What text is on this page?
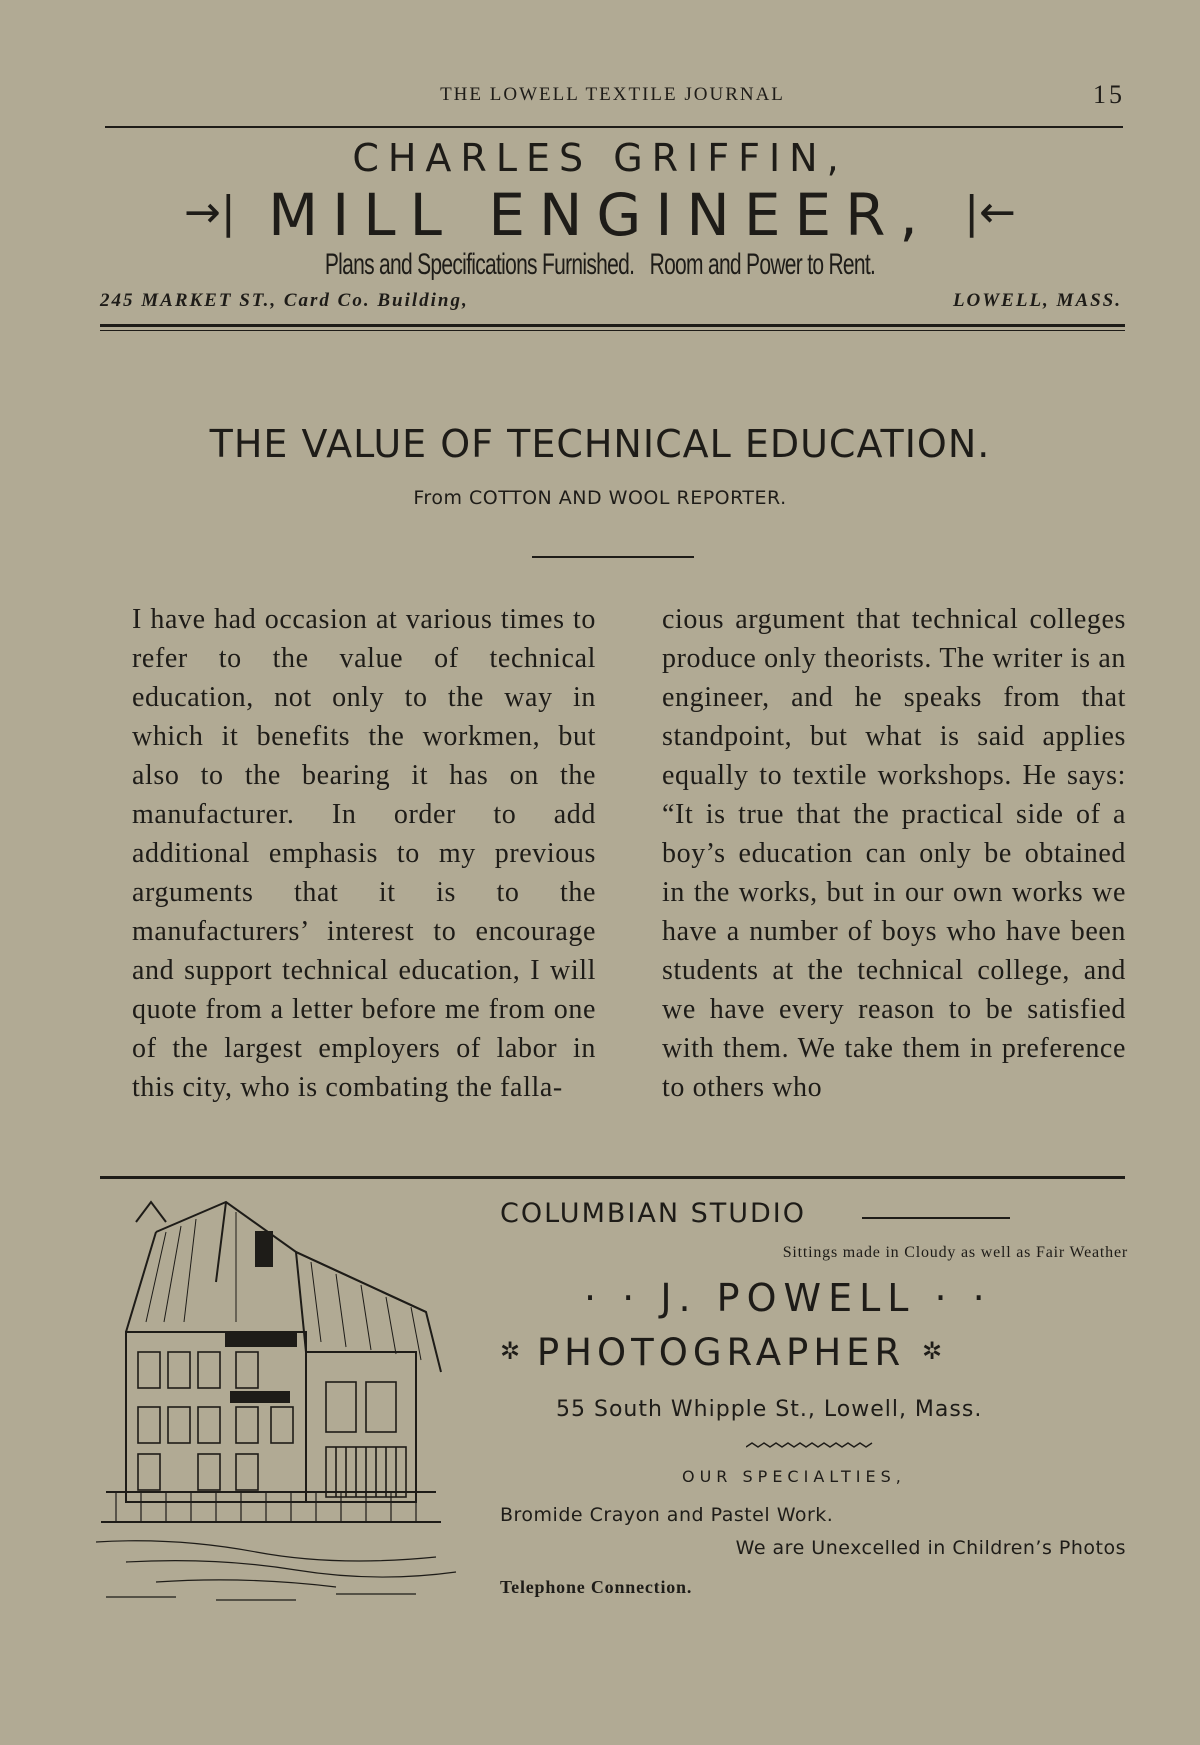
THE LOWELL TEXTILE JOURNAL	15
CHARLES GRIFFIN,
→| MILL ENGINEER, |←
Plans and Specifications Furnished.   Room and Power to Rent.
245 MARKET ST., Card Co. Building,	LOWELL, MASS.
THE VALUE OF TECHNICAL EDUCATION.
From COTTON AND WOOL REPORTER.

I have had occasion at various times to refer to the value of technical education, not only to the way in which it benefits the workmen, but also to the bearing it has on the manufacturer. In order to add additional emphasis to my previous arguments that it is to the manufacturers’ interest to encourage and support technical education, I will quote from a letter before me from one of the largest employers of labor in this city, who is combating the falla-

cious argument that technical colleges produce only theorists. The writer is an engineer, and he speaks from that standpoint, but what is said applies equally to textile workshops. He says: “It is true that the practical side of a boy’s education can only be obtained in the works, but in our own works we have a number of boys who have been students at the technical college, and we have every reason to be satisfied with them. We take them in preference to others who

COLUMBIAN STUDIO
Sittings made in Cloudy as well as Fair Weather
· · J. POWELL · ·
✲ PHOTOGRAPHER ✲
55 South Whipple St., Lowell, Mass.
OUR SPECIALTIES,
Bromide Crayon and Pastel Work.
We are Unexcelled in Children’s Photos
Telephone Connection.
